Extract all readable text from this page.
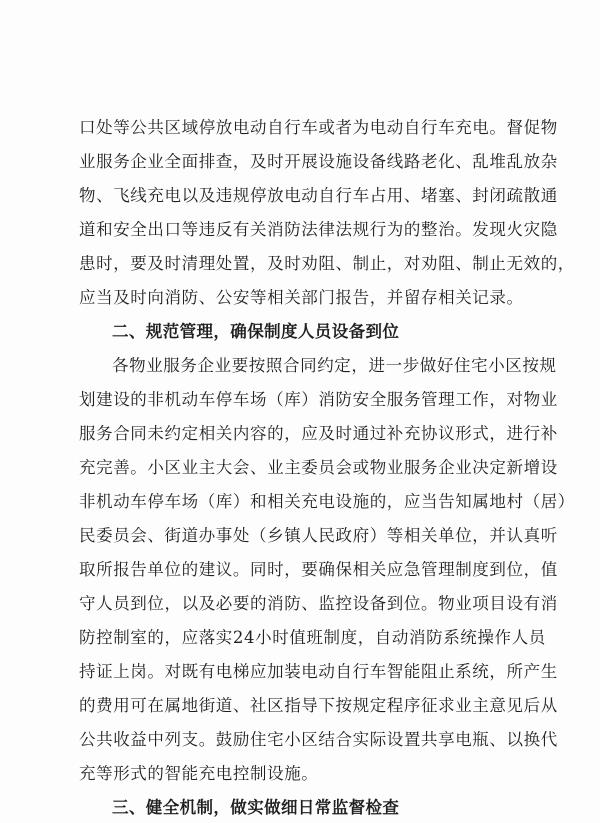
口处等公共区域停放电动自行车或者为电动自行车充电。督促物
业服务企业全面排查，及时开展设施设备线路老化、乱堆乱放杂
物、飞线充电以及违规停放电动自行车占用、堵塞、封闭疏散通
道和安全出口等违反有关消防法律法规行为的整治。发现火灾隐
患时，要及时清理处置，及时劝阻、制止，对劝阻、制止无效的，
应当及时向消防、公安等相关部门报告，并留存相关记录。
二、规范管理，确保制度人员设备到位
各物业服务企业要按照合同约定，进一步做好住宅小区按规
划建设的非机动车停车场（库）消防安全服务管理工作，对物业
服务合同未约定相关内容的，应及时通过补充协议形式，进行补
充完善。小区业主大会、业主委员会或物业服务企业决定新增设
非机动车停车场（库）和相关充电设施的，应当告知属地村（居）
民委员会、街道办事处（乡镇人民政府）等相关单位，并认真听
取所报告单位的建议。同时，要确保相关应急管理制度到位，值
守人员到位，以及必要的消防、监控设备到位。物业项目设有消
防控制室的，应落实24小时值班制度，自动消防系统操作人员
持证上岗。对既有电梯应加装电动自行车智能阻止系统，所产生
的费用可在属地街道、社区指导下按规定程序征求业主意见后从
公共收益中列支。鼓励住宅小区结合实际设置共享电瓶、以换代
充等形式的智能充电控制设施。
三、健全机制，做实做细日常监督检查
